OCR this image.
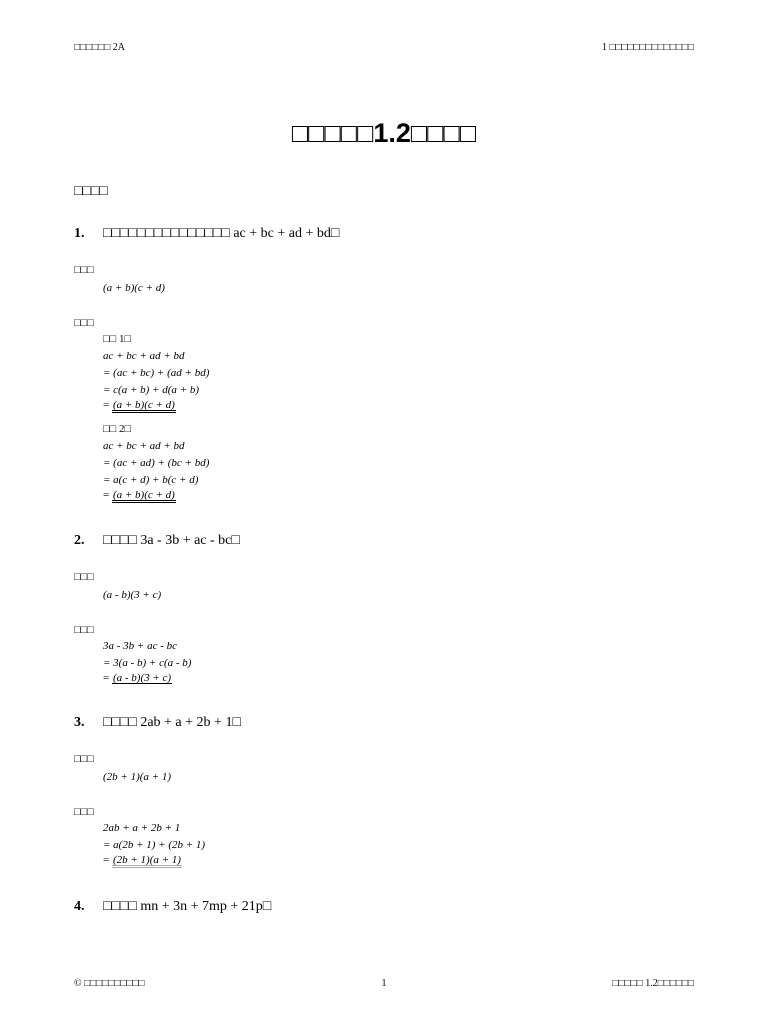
□□□□□□ 2A	1 □□□□□□□□□□□□□□
□□□□□1.2□□□□
□□□□
1. □□□□□□□□□□□□□□□ ac + bc + ad + bd□
□□□
(a + b)(c + d)
□□□
□□ 1□
ac + bc + ad + bd
= (ac + bc) + (ad + bd)
= c(a + b) + d(a + b)
= (a + b)(c + d)
□□ 2□
ac + bc + ad + bd
= (ac + ad) + (bc + bd)
= a(c + d) + b(c + d)
= (a + b)(c + d)
2. □□□□ 3a - 3b + ac - bc□
□□□
(a - b)(3 + c)
□□□
3a - 3b + ac - bc
= 3(a - b) + c(a - b)
= (a - b)(3 + c)
3. □□□□ 2ab + a + 2b + 1□
□□□
(2b + 1)(a + 1)
□□□
2ab + a + 2b + 1
= a(2b + 1) + (2b + 1)
= (2b + 1)(a + 1)
4. □□□□ mn + 3n + 7mp + 21p□
© □□□□□□□□□□	1	□□□□□ 1.2□□□□□□
